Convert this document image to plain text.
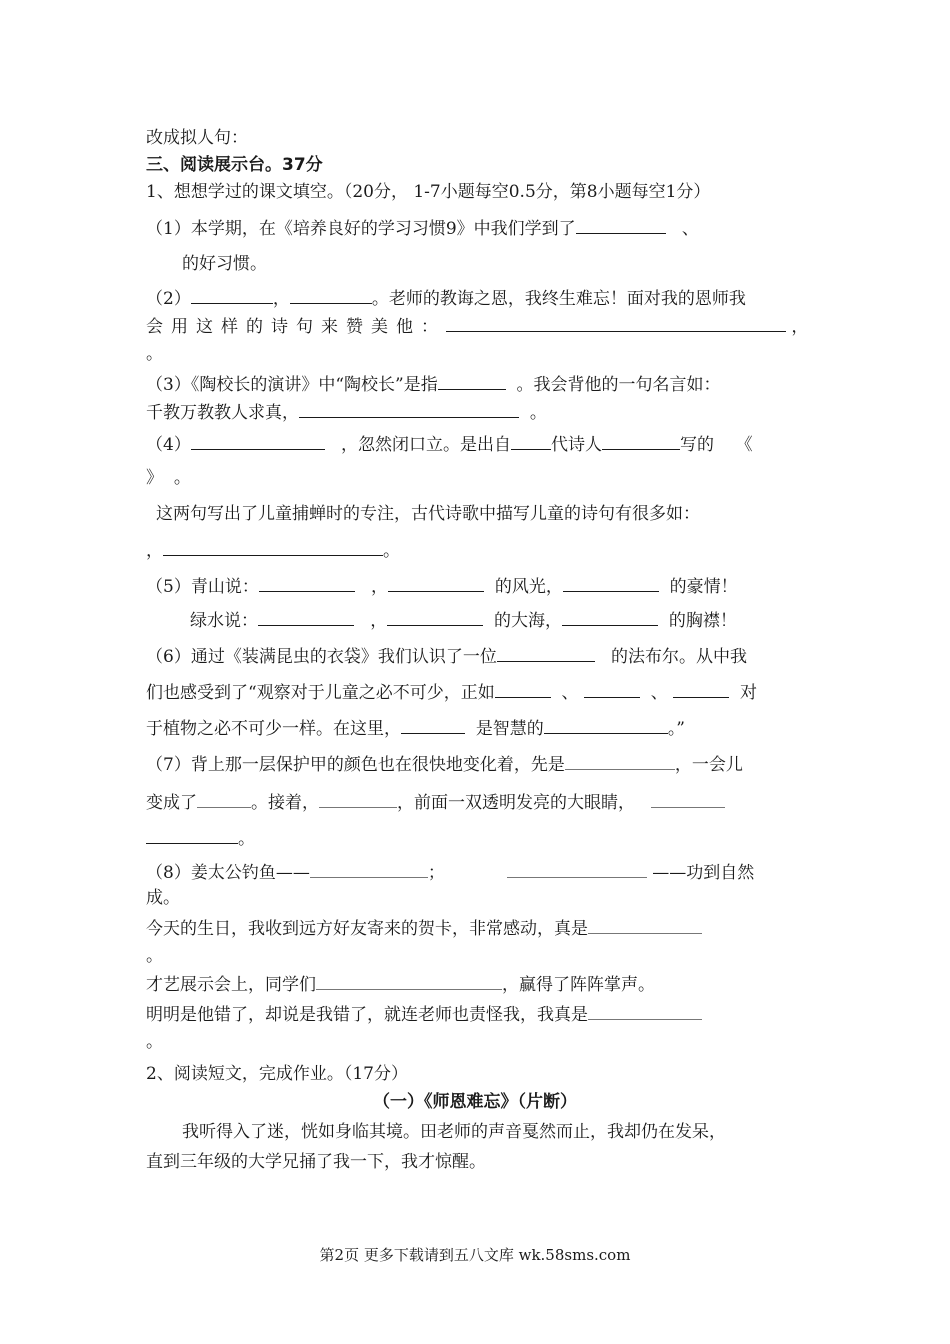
改成拟人句：
三、阅读展示台。37分
1、想想学过的课文填空。（20分， 1-7小题每空0.5分，第8小题每空1分）
（1）本学期，在《培养良好的学习习惯9》中我们学到了	、
的好习惯。
（2）	，	。老师的教诲之恩，我终生难忘！面对我的恩师我
会用这样的诗句来赞美他：	，
。
（3）《陶校长的演讲》中“陶校长”是指	。我会背他的一句名言如：
千教万教教人求真，	。
（4）	，忽然闭口立。是出自 代诗人	写的 《
》 。
这两句写出了儿童捕蝉时的专注，古代诗歌中描写儿童的诗句有很多如：
，	。
（5）青山说：	，	的风光，	的豪情！
绿水说：	，	的大海，	的胸襟！
（6）通过《装满昆虫的衣袋》我们认识了一位	的法布尔。从中我
们也感受到了“观察对于儿童之必不可少，正如	、	、	对
于植物之必不可少一样。在这里，	是智慧的	。”
（7）背上那一层保护甲的颜色也在很快地变化着，先是	，一会儿
变成了	。接着，	，前面一双透明发亮的大眼睛，
。
（8）姜太公钓鱼——	；	——功到自然
成。
今天的生日，我收到远方好友寄来的贺卡，非常感动，真是
。
才艺展示会上，同学们	，赢得了阵阵掌声。
明明是他错了，却说是我错了，就连老师也责怪我，我真是
。
2、阅读短文，完成作业。（17分）
（一）《师恩难忘》（片断）
我听得入了迷，恍如身临其境。田老师的声音戛然而止，我却仍在发呆，
直到三年级的大学兄捅了我一下，我才惊醒。
第2页 更多下载请到五八文库 wk.58sms.com
